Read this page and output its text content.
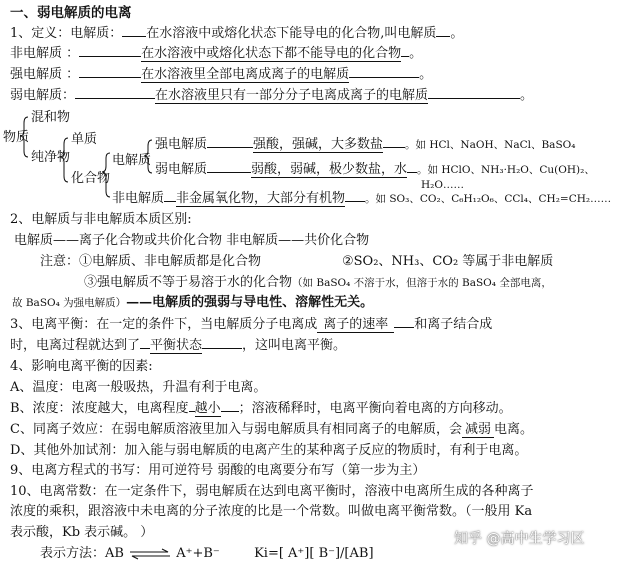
一、弱电解质的电离
1、定义：电解质： 在水溶液中或熔化状态下能导电的化合物,叫电解质 。
非电解质 ：	在水溶液中或熔化状态下都不能导电的化合物 。
强电解质 ：	在水溶液里全部电离成离子的电解质	。
弱电解质：	在水溶液里只有一部分分子电离成离子的电解质	。
混和物
物质
纯净物
单质
化合物
电解质
非电解质 非金属氧化物，大部分有机物 。如 SO₃、CO₂、C₆H₁₂O₆、CCl₄、CH₂=CH₂……
强电解质	强酸，强碱，大多数盐 。如 HCl、NaOH、NaCl、BaSO₄
弱电解质	弱酸，弱碱，极少数盐，水 。如 HClO、NH₃·H₂O、Cu(OH)₂、
H₂O……
2、电解质与非电解质本质区别:
电解质——离子化合物或共价化合物 非电解质——共价化合物
注意：①电解质、非电解质都是化合物	②SO₂、NH₃、CO₂ 等属于非电解质
③强电解质不等于易溶于水的化合物（如 BaSO₄ 不溶于水，但溶于水的 BaSO₄ 全部电离，
故 BaSO₄ 为强电解质）——电解质的强弱与导电性、溶解性无关。
3、电离平衡：在一定的条件下，当电解质分子电离成 离子的速率 和离子结合成
时，电离过程就达到了 平衡状态	，这叫电离平衡。
4、影响电离平衡的因素:
A、温度：电离一般吸热，升温有利于电离。
B、浓度：浓度越大，电离程度 越小 ；溶液稀释时，电离平衡向着电离的方向移动。
C、同离子效应：在弱电解质溶液里加入与弱电解质具有相同离子的电解质，会 减弱 电离。
D、其他外加试剂：加入能与弱电解质的电离产生的某种离子反应的物质时，有利于电离。
9、电离方程式的书写：用可逆符号 弱酸的电离要分布写（第一步为主）
10、电离常数：在一定条件下，弱电解质在达到电离平衡时，溶液中电离所生成的各种离子
浓度的乘积，跟溶液中未电离的分子浓度的比是一个常数。叫做电离平衡常数。（一般用 Ka
表示酸，Kb 表示碱。 ）
表示方法：AB ⇌ A⁺+B⁻	Ki=[ A⁺][ B⁻]/[AB]
知乎 @高中生学习区
